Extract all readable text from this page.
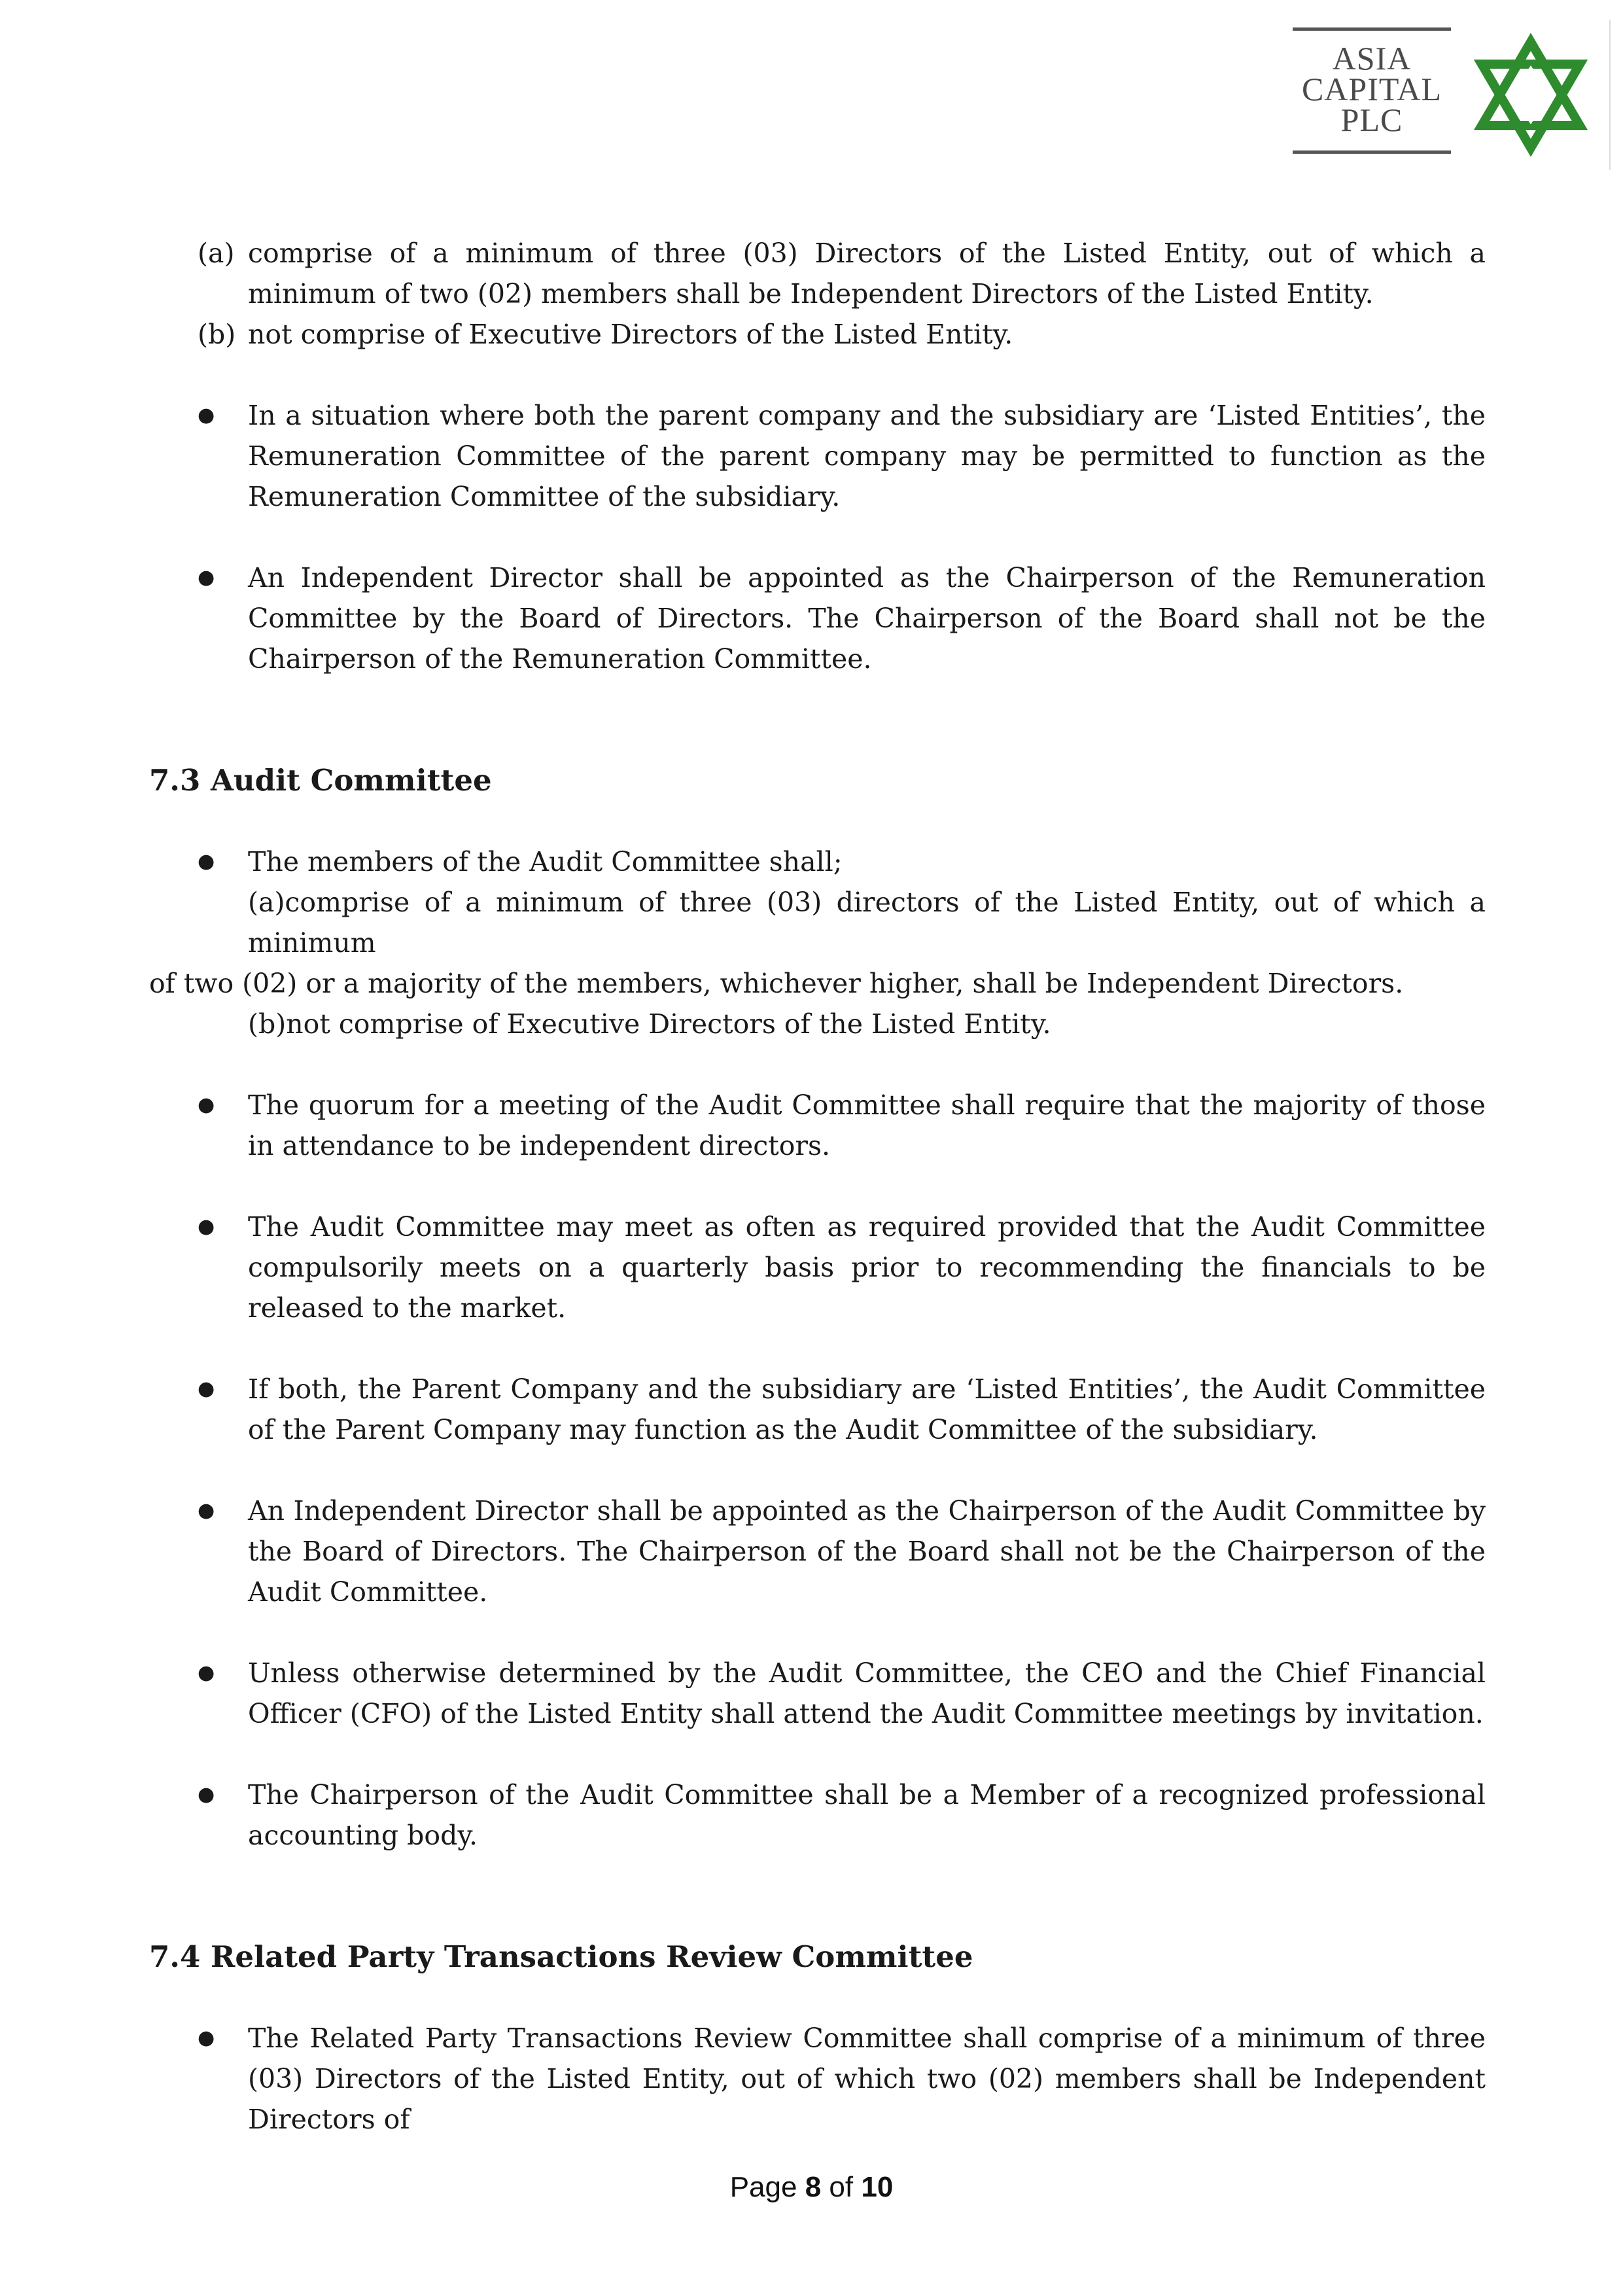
ASIA
CAPITAL
PLC
(a) comprise of a minimum of three (03) Directors of the Listed Entity, out of which a minimum of two (02) members shall be Independent Directors of the Listed Entity.
(b) not comprise of Executive Directors of the Listed Entity.
●	In a situation where both the parent company and the subsidiary are ‘Listed Entities’, the Remuneration Committee of the parent company may be permitted to function as the Remuneration Committee of the subsidiary.
●	An Independent Director shall be appointed as the Chairperson of the Remuneration Committee by the Board of Directors. The Chairperson of the Board shall not be the Chairperson of the Remuneration Committee.
7.3 Audit Committee
●	The members of the Audit Committee shall;
(a)comprise of a minimum of three (03) directors of the Listed Entity, out of which a minimum
of two (02) or a majority of the members, whichever higher, shall be Independent Directors.
(b)not comprise of Executive Directors of the Listed Entity.
●	The quorum for a meeting of the Audit Committee shall require that the majority of those in attendance to be independent directors.
●	The Audit Committee may meet as often as required provided that the Audit Committee compulsorily meets on a quarterly basis prior to recommending the financials to be released to the market.
●	If both, the Parent Company and the subsidiary are ‘Listed Entities’, the Audit Committee of the Parent Company may function as the Audit Committee of the subsidiary.
●	An Independent Director shall be appointed as the Chairperson of the Audit Committee by the Board of Directors. The Chairperson of the Board shall not be the Chairperson of the Audit Committee.
●	Unless otherwise determined by the Audit Committee, the CEO and the Chief Financial Officer (CFO) of the Listed Entity shall attend the Audit Committee meetings by invitation.
●	The Chairperson of the Audit Committee shall be a Member of a recognized professional accounting body.
7.4 Related Party Transactions Review Committee
●	The Related Party Transactions Review Committee shall comprise of a minimum of three (03) Directors of the Listed Entity, out of which two (02) members shall be Independent Directors of
Page 8 of 10
